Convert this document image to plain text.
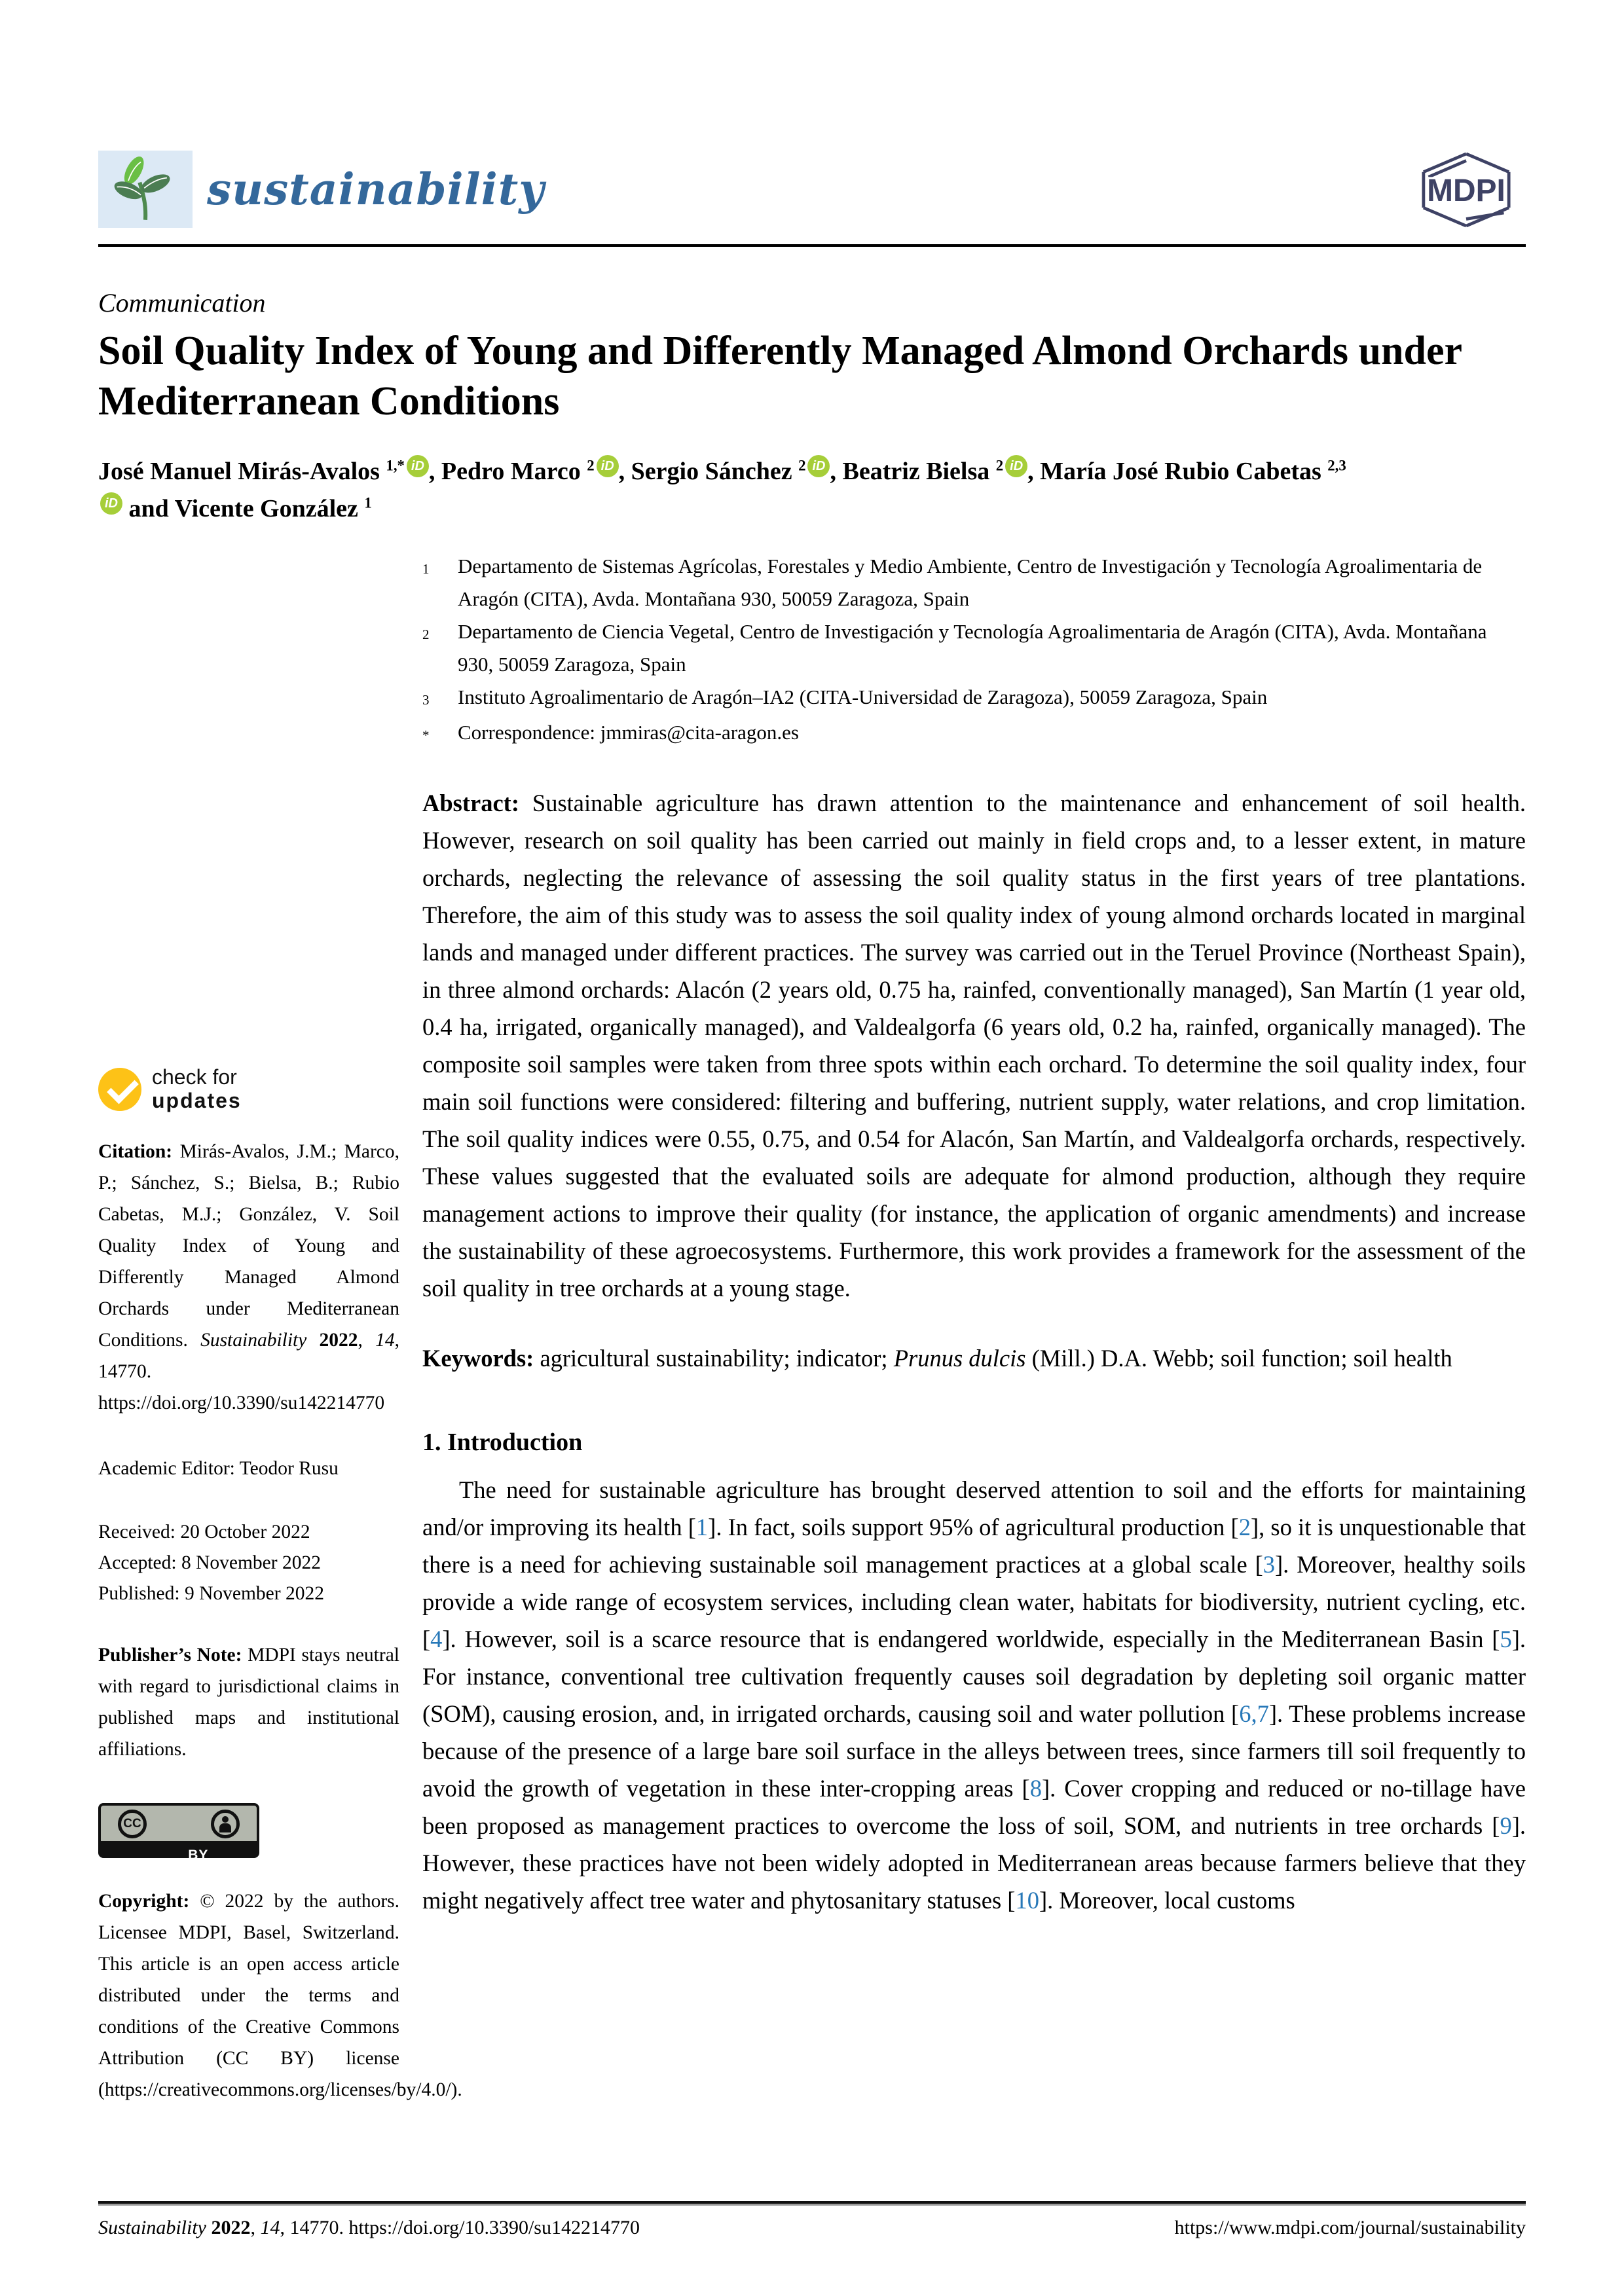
sustainability	MDPI
Communication
Soil Quality Index of Young and Differently Managed Almond Orchards under Mediterranean Conditions

José Manuel Mirás-Avalos $^{1,*}$ iD , Pedro Marco $^2$ iD , Sergio Sánchez $^2$ iD , Beatriz Bielsa $^2$ iD , María José Rubio Cabetas $^{2,3}$iD and Vicente González $^1$

check for
updates
Citation: Mirás-Avalos, J.M.; Marco, P.; Sánchez, S.; Bielsa, B.; Rubio Cabetas, M.J.; González, V. Soil Quality Index of Young and Differently Managed Almond Orchards under Mediterranean Conditions. Sustainability 2022, 14, 14770. https://doi.org/10.3390/su142214770
Academic Editor: Teodor Rusu

Received: 20 October 2022

Accepted: 8 November 2022

Published: 9 November 2022

Publisher’s Note: MDPI stays neutral with regard to jurisdictional claims in published maps and institutional affiliations.
CC
BY
Copyright: © 2022 by the authors. Licensee MDPI, Basel, Switzerland. This article is an open access article distributed under the terms and conditions of the Creative Commons Attribution (CC BY) license (https://creativecommons.org/licenses/by/4.0/).
1	Departamento de Sistemas Agrícolas, Forestales y Medio Ambiente, Centro de Investigación y Tecnología Agroalimentaria de Aragón (CITA), Avda. Montañana 930, 50059 Zaragoza, Spain
2	Departamento de Ciencia Vegetal, Centro de Investigación y Tecnología Agroalimentaria de Aragón (CITA), Avda. Montañana 930, 50059 Zaragoza, Spain
3	Instituto Agroalimentario de Aragón–IA2 (CITA-Universidad de Zaragoza), 50059 Zaragoza, Spain
*	Correspondence: jmmiras@cita-aragon.es
Abstract: Sustainable agriculture has drawn attention to the maintenance and enhancement of soil health. However, research on soil quality has been carried out mainly in field crops and, to a lesser extent, in mature orchards, neglecting the relevance of assessing the soil quality status in the first years of tree plantations. Therefore, the aim of this study was to assess the soil quality index of young almond orchards located in marginal lands and managed under different practices. The survey was carried out in the Teruel Province (Northeast Spain), in three almond orchards: Alacón (2 years old, 0.75 ha, rainfed, conventionally managed), San Martín (1 year old, 0.4 ha, irrigated, organically managed), and Valdealgorfa (6 years old, 0.2 ha, rainfed, organically managed). The composite soil samples were taken from three spots within each orchard. To determine the soil quality index, four main soil functions were considered: filtering and buffering, nutrient supply, water relations, and crop limitation. The soil quality indices were 0.55, 0.75, and 0.54 for Alacón, San Martín, and Valdealgorfa orchards, respectively. These values suggested that the evaluated soils are adequate for almond production, although they require management actions to improve their quality (for instance, the application of organic amendments) and increase the sustainability of these agroecosystems. Furthermore, this work provides a framework for the assessment of the soil quality in tree orchards at a young stage.
Keywords: agricultural sustainability; indicator; Prunus dulcis (Mill.) D.A. Webb; soil function; soil health
1. Introduction

The need for sustainable agriculture has brought deserved attention to soil and the efforts for maintaining and/or improving its health [1]. In fact, soils support 95% of agricultural production [2], so it is unquestionable that there is a need for achieving sustainable soil management practices at a global scale [3]. Moreover, healthy soils provide a wide range of ecosystem services, including clean water, habitats for biodiversity, nutrient cycling, etc. [4]. However, soil is a scarce resource that is endangered worldwide, especially in the Mediterranean Basin [5]. For instance, conventional tree cultivation frequently causes soil degradation by depleting soil organic matter (SOM), causing erosion, and, in irrigated orchards, causing soil and water pollution [6,7]. These problems increase because of the presence of a large bare soil surface in the alleys between trees, since farmers till soil frequently to avoid the growth of vegetation in these inter-cropping areas [8]. Cover cropping and reduced or no-tillage have been proposed as management practices to overcome the loss of soil, SOM, and nutrients in tree orchards [9]. However, these practices have not been widely adopted in Mediterranean areas because farmers believe that they might negatively affect tree water and phytosanitary statuses [10]. Moreover, local customs

Sustainability 2022, 14, 14770. https://doi.org/10.3390/su142214770	https://www.mdpi.com/journal/sustainability
